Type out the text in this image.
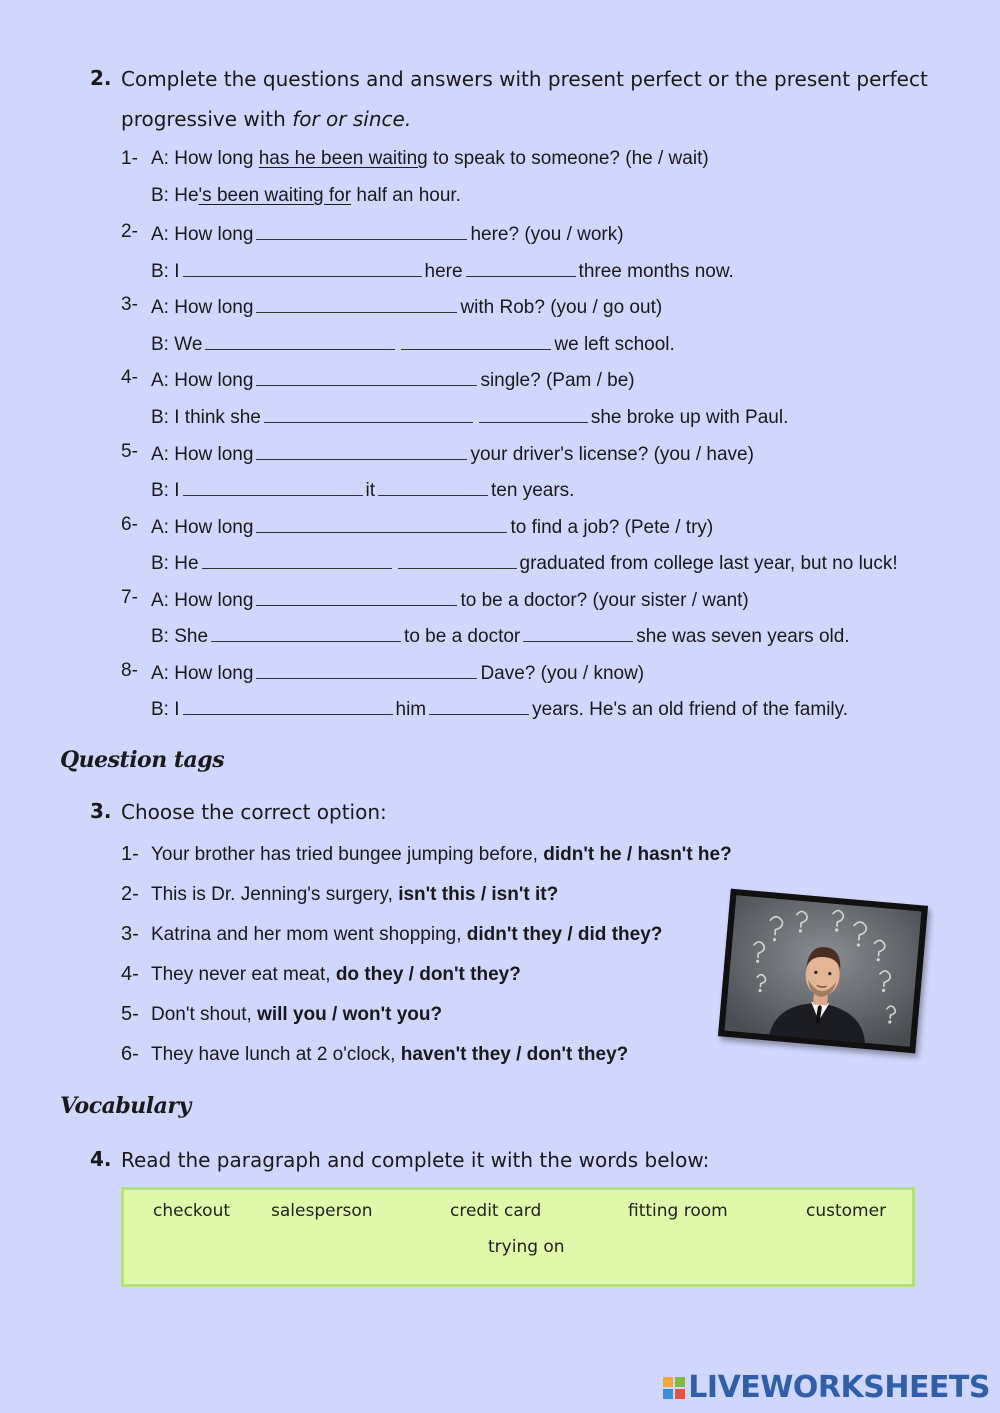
2. Complete the questions and answers with present perfect or the present perfect
progressive with for or since.
1- A: How long has he been waiting to speak to someone? (he / wait)
B: He's been waiting for half an hour.
2- A: How long	here? (you / work)
B: I	here	three months now.
3- A: How long	with Rob? (you / go out)
B: We	we left school.
4- A: How long	single? (Pam / be)
B: I think she	she broke up with Paul.
5- A: How long	your driver's license? (you / have)
B: I	it	ten years.
6- A: How long	to find a job? (Pete / try)
B: He	graduated from college last year, but no luck!
7- A: How long	to be a doctor? (your sister / want)
B: She	to be a doctor	she was seven years old.
8- A: How long	Dave? (you / know)
B: I	him	years. He's an old friend of the family.
Question tags
3. Choose the correct option:
1- Your brother has tried bungee jumping before, didn't he / hasn't he?
2- This is Dr. Jenning's surgery, isn't this / isn't it?
3- Katrina and her mom went shopping, didn't they / did they?
4- They never eat meat, do they / don't they?
5- Don't shout, will you / won't you?
6- They have lunch at 2 o'clock, haven't they / don't they?
Vocabulary
4. Read the paragraph and complete it with the words below:
checkout salesperson	credit card	fitting room	customer
trying on
LIVEWORKSHEETS
